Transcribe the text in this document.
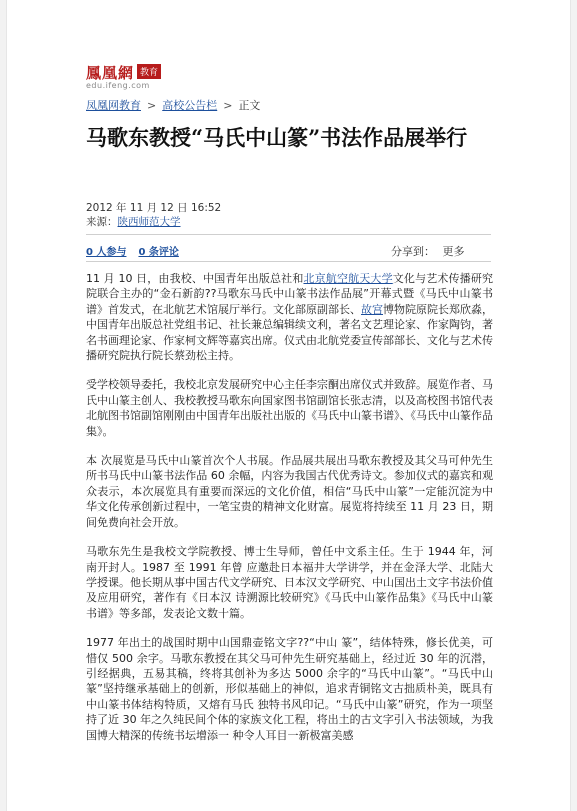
鳳凰網 教育
edu.ifeng.com
凤凰网教育 > 高校公告栏 > 正文
马歌东教授“马氏中山篆”书法作品展举行
2012 年 11 月 12 日 16:52
来源：陕西师范大学
0 人参与 0 条评论	分享到： 更多

11 月 10 日，由我校、中国青年出版总社和北京航空航天大学文化与艺术传播研究院联合主办的“金石新韵??马歌东马氏中山篆书法作品展”开幕式暨《马氏中山篆书谱》首发式，在北航艺术馆展厅举行。文化部原副部长、故宫博物院原院长郑欣淼，中国青年出版总社党组书记、社长兼总编辑续文利，著名文艺理论家、作家陶钧，著名书画理论家、作家柯文辉等嘉宾出席。仪式由北航党委宣传部部长、文化与艺术传播研究院执行院长蔡劲松主持。

受学校领导委托，我校北京发展研究中心主任李宗酮出席仪式并致辞。展览作者、马氏中山篆主创人、我校教授马歌东向国家图书馆副馆长张志清，以及高校图书馆代表北航图书馆副馆刚刚由中国青年出版社出版的《马氏中山篆书谱》、《马氏中山篆作品集》。

本 次展览是马氏中山篆首次个人书展。作品展共展出马歌东教授及其父马可仲先生所书马氏中山篆书法作品 60 余幅，内容为我国古代优秀诗文。参加仪式的嘉宾和观 众表示，本次展览具有重要而深远的文化价值，相信“马氏中山篆”一定能沉淀为中华文化传承创新过程中，一笔宝贵的精神文化财富。展览将持续至 11 月 23 日，期间免费向社会开放。

马歌东先生是我校文学院教授、博士生导师，曾任中文系主任。生于 1944 年，河南开封人。1987 至 1991 年曾 应邀赴日本福井大学讲学，并在金泽大学、北陆大学授课。他长期从事中国古代文学研究、日本汉文学研究、中山国出土文字书法价值及应用研究，著作有《日本汉 诗溯源比较研究》《马氏中山篆作品集》《马氏中山篆书谱》等多部，发表论文数十篇。

1977 年出土的战国时期中山国鼎壶铭文字??“中山 篆”，结体特殊，修长优美，可惜仅 500 余字。马歌东教授在其父马可仲先生研究基础上，经过近 30 年的沉潜，引经据典，五易其稿，终将其创补为多达 5000 余字的“马氏中山篆”。“马氏中山篆”坚持继承基础上的创新，形似基础上的神似，追求青铜铭文古拙质朴美，既具有中山篆书体结构特质，又熔有马氏 独特书风印记。“马氏中山篆”研究，作为一项坚持了近 30 年之久纯民间个体的家族文化工程，将出土的古文字引入书法领域，为我国博大精深的传统书坛增添一 种令人耳目一新极富美感
